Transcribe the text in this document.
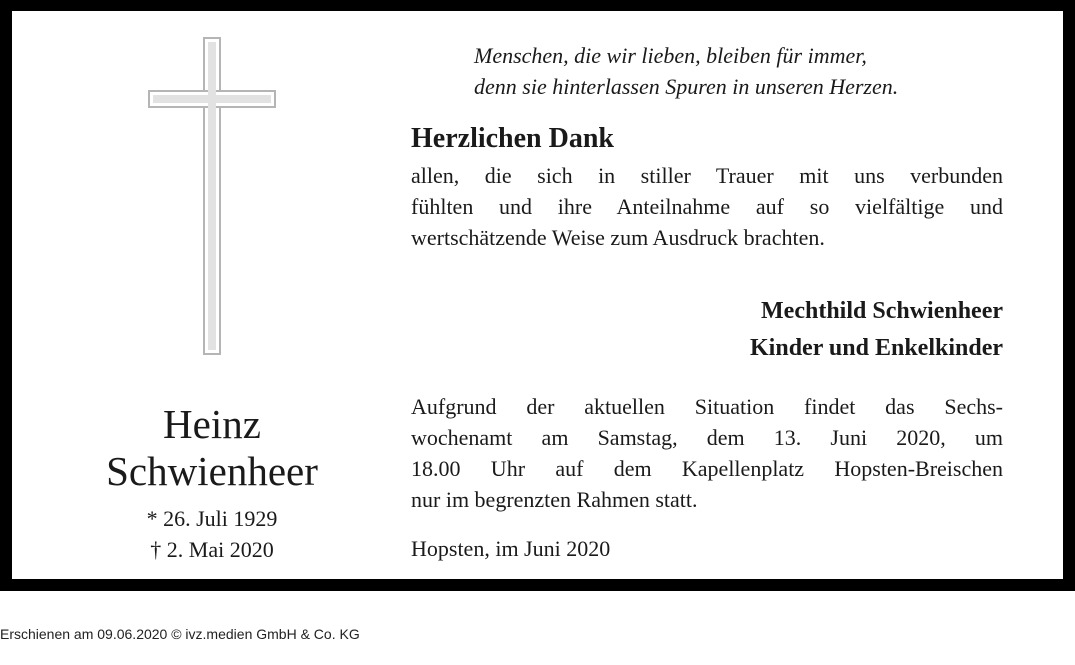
Heinz
Schwienheer
* 26. Juli 1929
† 2. Mai 2020
Menschen, die wir lieben, bleiben für immer,
denn sie hinterlassen Spuren in unseren Herzen.
Herzlichen Dank
allen, die sich in stiller Trauer mit uns verbunden
fühlten und ihre Anteilnahme auf so vielfältige und
wertschätzende Weise zum Ausdruck brachten.
Mechthild Schwienheer
Kinder und Enkelkinder
Aufgrund der aktuellen Situation findet das Sechs-
wochenamt am Samstag, dem 13. Juni 2020, um
18.00 Uhr auf dem Kapellenplatz Hopsten-Breischen
nur im begrenzten Rahmen statt.
Hopsten, im Juni 2020
Erschienen am 09.06.2020 © ivz.medien GmbH & Co. KG
